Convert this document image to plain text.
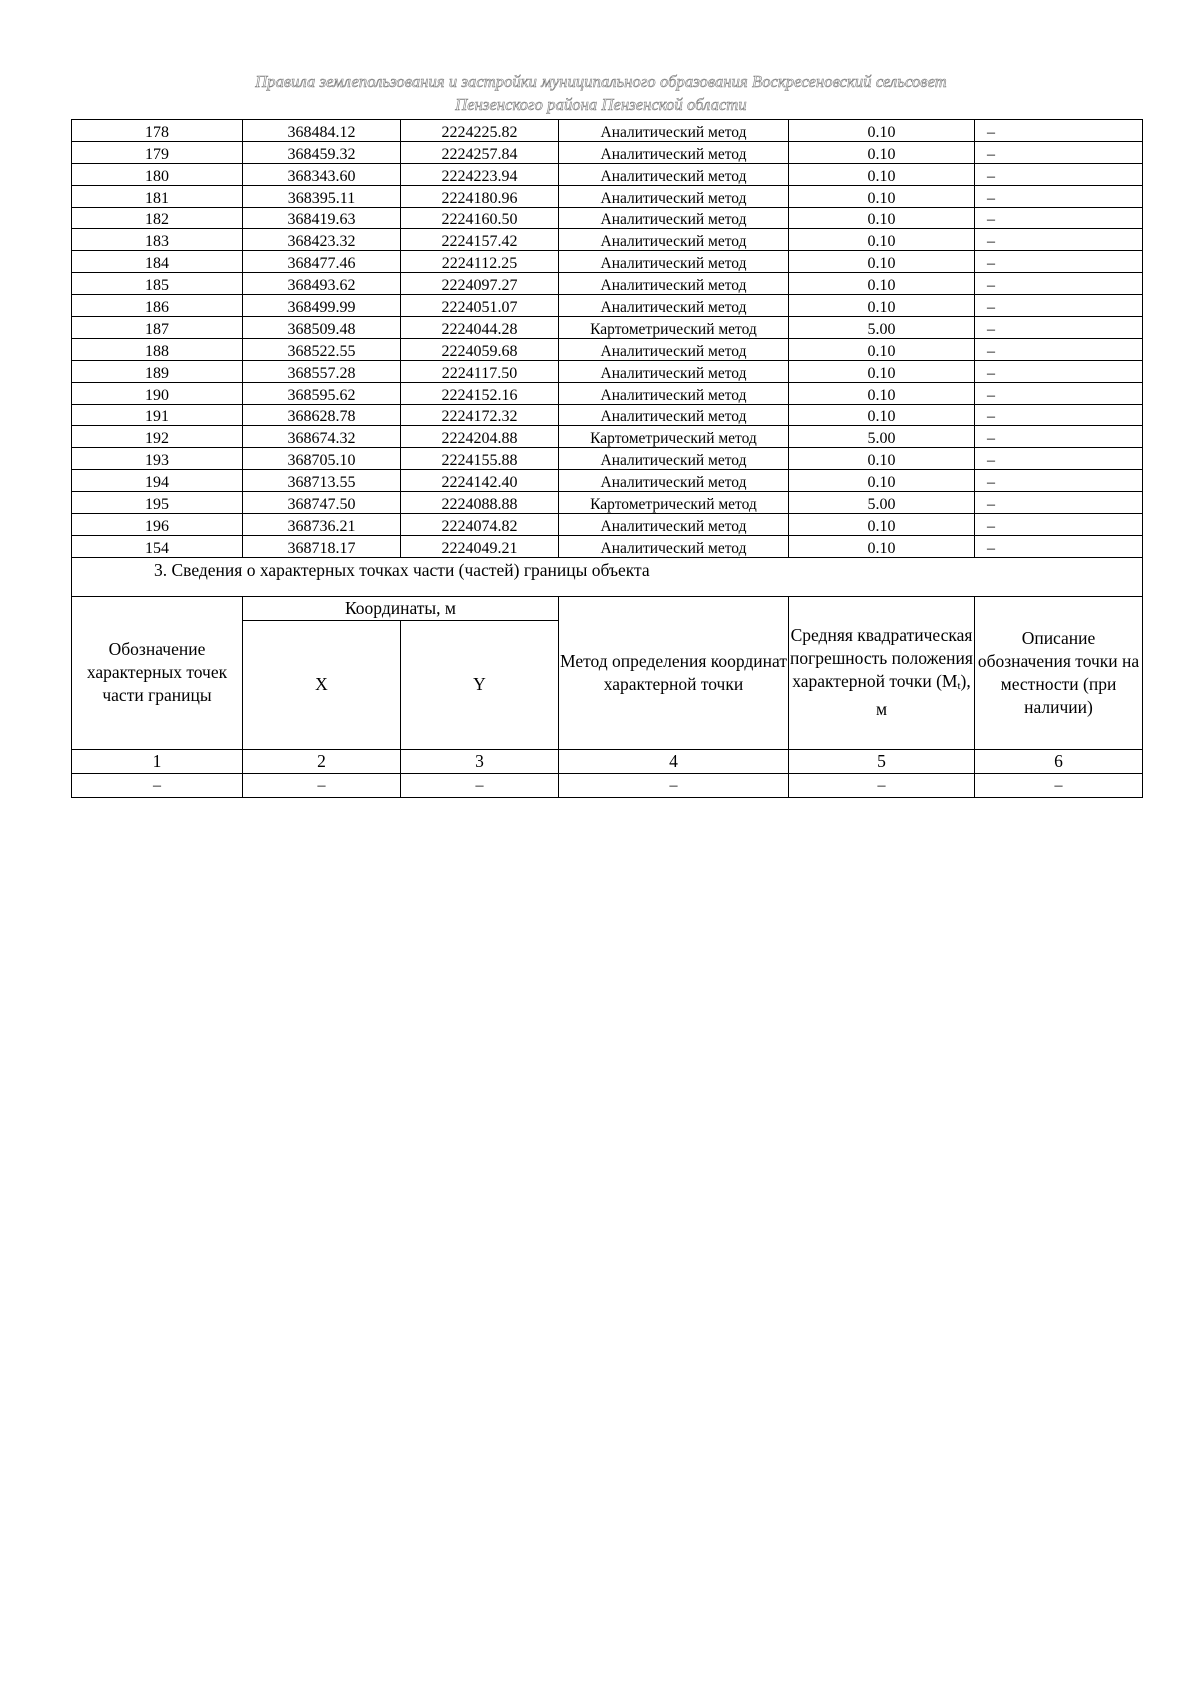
Правила землепользования и застройки муниципального образования Воскресеновский сельсовет
Пензенского района Пензенской области
178	368484.12	2224225.82	Аналитический метод	0.10	–
179	368459.32	2224257.84	Аналитический метод	0.10	–
180	368343.60	2224223.94	Аналитический метод	0.10	–
181	368395.11	2224180.96	Аналитический метод	0.10	–
182	368419.63	2224160.50	Аналитический метод	0.10	–
183	368423.32	2224157.42	Аналитический метод	0.10	–
184	368477.46	2224112.25	Аналитический метод	0.10	–
185	368493.62	2224097.27	Аналитический метод	0.10	–
186	368499.99	2224051.07	Аналитический метод	0.10	–
187	368509.48	2224044.28	Картометрический метод	5.00	–
188	368522.55	2224059.68	Аналитический метод	0.10	–
189	368557.28	2224117.50	Аналитический метод	0.10	–
190	368595.62	2224152.16	Аналитический метод	0.10	–
191	368628.78	2224172.32	Аналитический метод	0.10	–
192	368674.32	2224204.88	Картометрический метод	5.00	–
193	368705.10	2224155.88	Аналитический метод	0.10	–
194	368713.55	2224142.40	Аналитический метод	0.10	–
195	368747.50	2224088.88	Картометрический метод	5.00	–
196	368736.21	2224074.82	Аналитический метод	0.10	–
154	368718.17	2224049.21	Аналитический метод	0.10	–
3. Сведения о характерных точках части (частей) границы объекта					
Обозначение характерных точек части границы	Координаты, м		Метод определения координат характерной точки	Средняя квадратическая погрешность положения характерной точки (Mt), м	Описание обозначения точки на местности (при наличии)
	X	Y			
1	2	3	4	5	6
–	–	–	–	–	–
